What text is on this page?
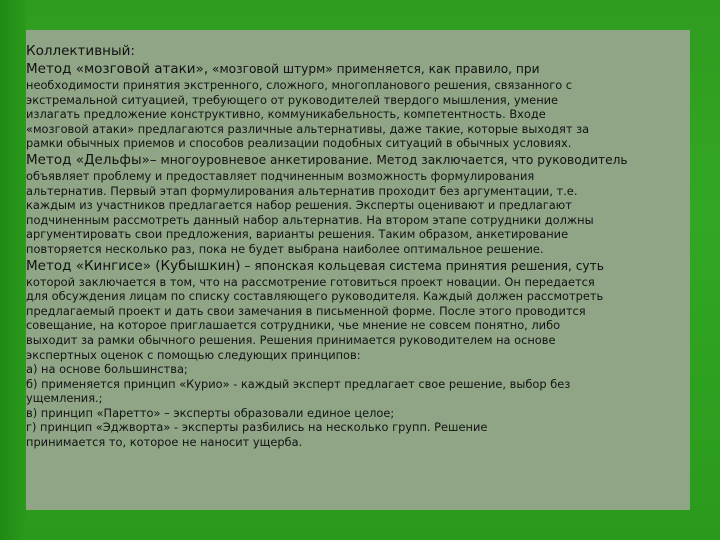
Коллективный:
Метод «мозговой атаки», «мозговой штурм» применяется, как правило, при
необходимости принятия экстренного, сложного, многопланового решения, связанного с
экстремальной ситуацией, требующего от руководителей твердого мышления, умение
излагать предложение конструктивно, коммуникабельность, компетентность. Входе
«мозговой атаки» предлагаются различные альтернативы, даже такие, которые выходят за
рамки обычных приемов и способов реализации подобных ситуаций в обычных условиях.
Метод «Дельфы»– многоуровневое анкетирование. Метод заключается, что руководитель
объявляет проблему и предоставляет подчиненным возможность формулирования
альтернатив. Первый этап формулирования альтернатив проходит без аргументации, т.е.
каждым из участников предлагается набор решения. Эксперты оценивают и предлагают
подчиненным рассмотреть данный набор альтернатив. На втором этапе сотрудники должны
аргументировать свои предложения, варианты решения. Таким образом, анкетирование
повторяется несколько раз, пока не будет выбрана наиболее оптимальное решение.
Метод «Кингисе» (Кубышкин) – японская кольцевая система принятия решения, суть
которой заключается в том, что на рассмотрение готовиться проект новации. Он передается
для обсуждения лицам по списку составляющего руководителя. Каждый должен рассмотреть
предлагаемый проект и дать свои замечания в письменной форме. После этого проводится
совещание, на которое приглашается сотрудники, чье мнение не совсем понятно, либо
выходит за рамки обычного решения. Решения принимается руководителем на основе
экспертных оценок с помощью следующих принципов:
а) на основе большинства;
б) применяется принцип «Курио» - каждый эксперт предлагает свое решение, выбор без
ущемления.;
в) принцип «Паретто» – эксперты образовали единое целое;
г) принцип «Эджворта» - эксперты разбились на несколько групп. Решение
принимается то, которое не наносит ущерба.
